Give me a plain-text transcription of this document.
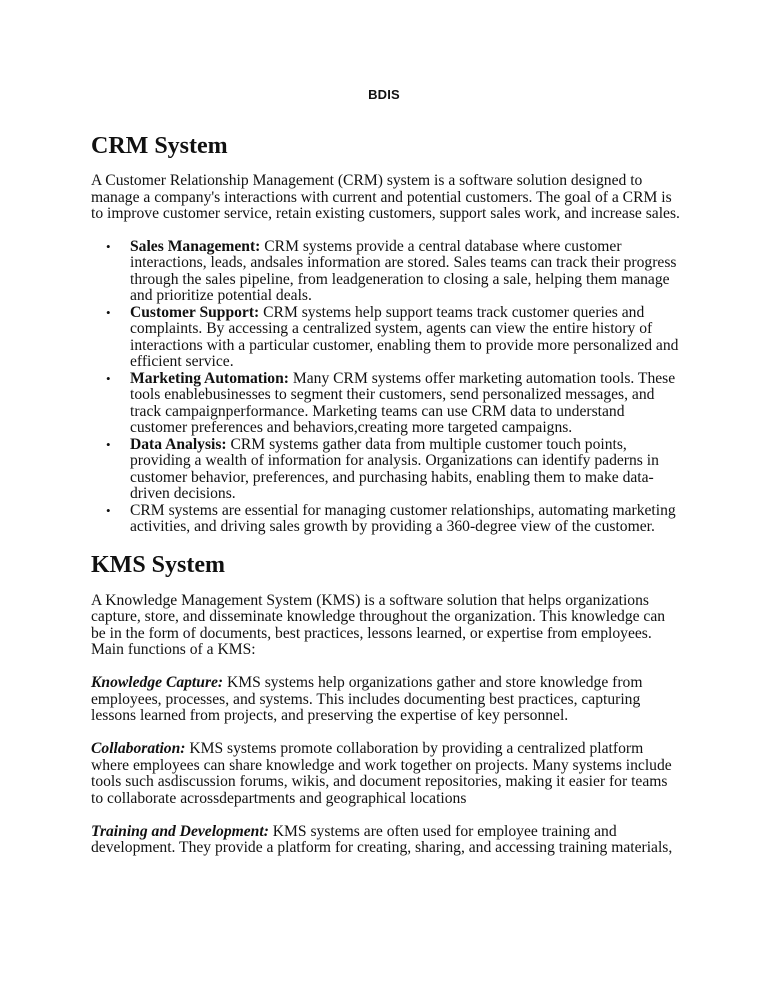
BDIS
CRM System

A Customer Relationship Management (CRM) system is a software solution designed to manage a company's interactions with current and potential customers. The goal of a CRM is to improve customer service, retain existing customers, support sales work, and increase sales.

• Sales Management: CRM systems provide a central database where customer interactions, leads, andsales information are stored. Sales teams can track their progress through the sales pipeline, from leadgeneration to closing a sale, helping them manage and prioritize potential deals.
• Customer Support: CRM systems help support teams track customer queries and complaints. By accessing a centralized system, agents can view the entire history of interactions with a particular customer, enabling them to provide more personalized and efficient service.
• Marketing Automation: Many CRM systems offer marketing automation tools. These tools enablebusinesses to segment their customers, send personalized messages, and track campaignperformance. Marketing teams can use CRM data to understand customer preferences and behaviors,creating more targeted campaigns.
• Data Analysis: CRM systems gather data from multiple customer touch points, providing a wealth of information for analysis. Organizations can identify paderns in customer behavior, preferences, and purchasing habits, enabling them to make data-driven decisions.
• CRM systems are essential for managing customer relationships, automating marketing activities, and driving sales growth by providing a 360-degree view of the customer.
KMS System

A Knowledge Management System (KMS) is a software solution that helps organizations capture, store, and disseminate knowledge throughout the organization. This knowledge can be in the form of documents, best practices, lessons learned, or expertise from employees. Main functions of a KMS:

Knowledge Capture: KMS systems help organizations gather and store knowledge from employees, processes, and systems. This includes documenting best practices, capturing lessons learned from projects, and preserving the expertise of key personnel.

Collaboration: KMS systems promote collaboration by providing a centralized platform where employees can share knowledge and work together on projects. Many systems include tools such asdiscussion forums, wikis, and document repositories, making it easier for teams to collaborate acrossdepartments and geographical locations

Training and Development: KMS systems are often used for employee training and development. They provide a platform for creating, sharing, and accessing training materials,
